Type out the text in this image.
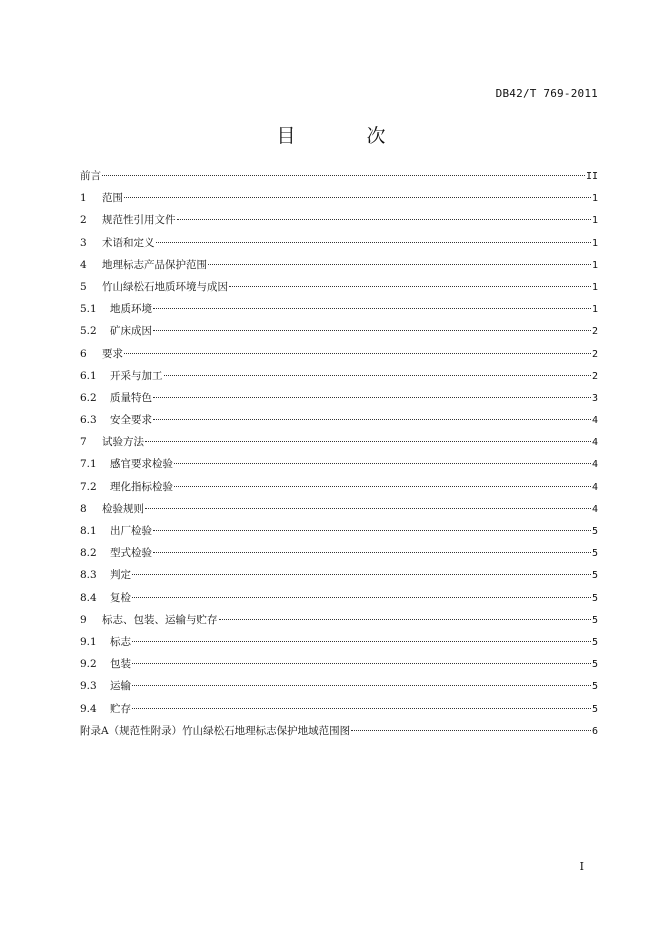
DB42/T 769-2011
目　次
前言	II
1	范围	1
2	规范性引用文件	1
3	术语和定义	1
4	地理标志产品保护范围	1
5	竹山绿松石地质环境与成因	1
5.1	地质环境	1
5.2	矿床成因	2
6	要求	2
6.1	开采与加工	2
6.2	质量特色	3
6.3	安全要求	4
7	试验方法	4
7.1	感官要求检验	4
7.2	理化指标检验	4
8	检验规则	4
8.1	出厂检验	5
8.2	型式检验	5
8.3	判定	5
8.4	复检	5
9	标志、包装、运输与贮存	5
9.1	标志	5
9.2	包装	5
9.3	运输	5
9.4	贮存	5
附录A（规范性附录）竹山绿松石地理标志保护地域范围图	6
I
